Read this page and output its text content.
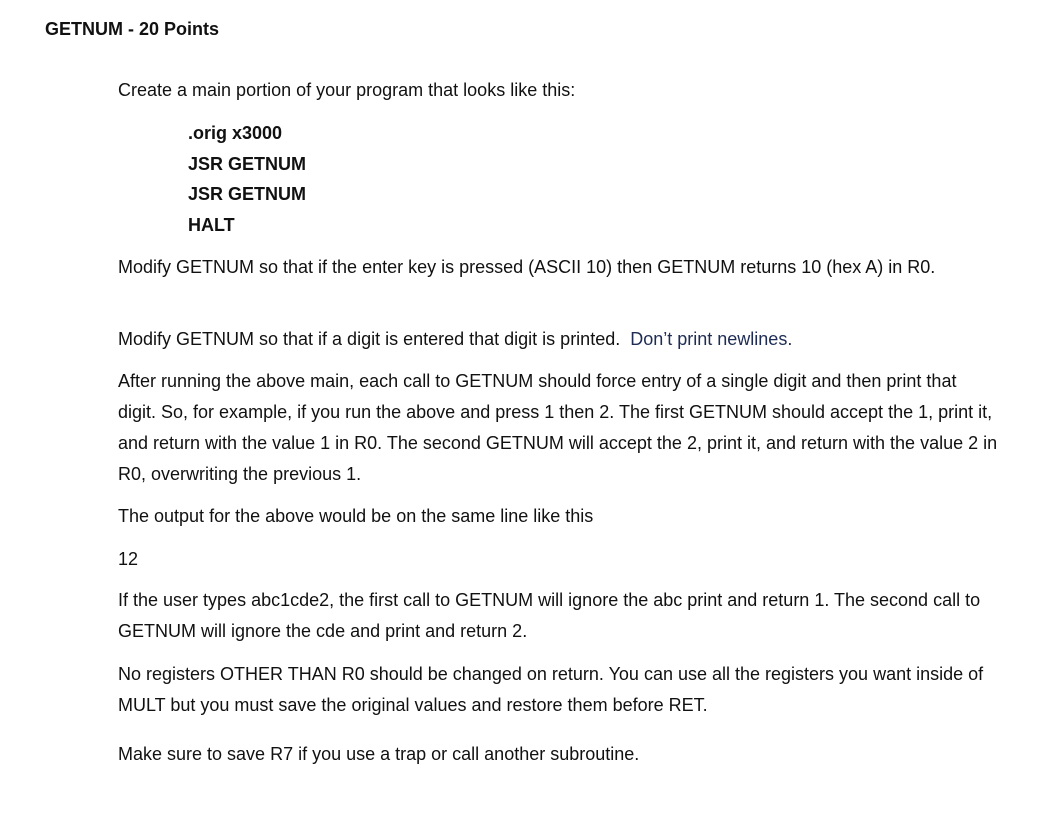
GETNUM - 20 Points

Create a main portion of your program that looks like this:

.orig x3000
JSR GETNUM
JSR GETNUM
HALT

Modify GETNUM so that if the enter key is pressed (ASCII 10) then GETNUM returns 10 (hex A) in R0.

Modify GETNUM so that if a digit is entered that digit is printed. Don’t print newlines.

After running the above main, each call to GETNUM should force entry of a single digit and then print that digit. So, for example, if you run the above and press 1 then 2. The first GETNUM should accept the 1, print it, and return with the value 1 in R0. The second GETNUM will accept the 2, print it, and return with the value 2 in R0, overwriting the previous 1.

The output for the above would be on the same line like this

12

If the user types abc1cde2, the first call to GETNUM will ignore the abc print and return 1. The second call to GETNUM will ignore the cde and print and return 2.

No registers OTHER THAN R0 should be changed on return. You can use all the registers you want inside of MULT but you must save the original values and restore them before RET.

Make sure to save R7 if you use a trap or call another subroutine.
